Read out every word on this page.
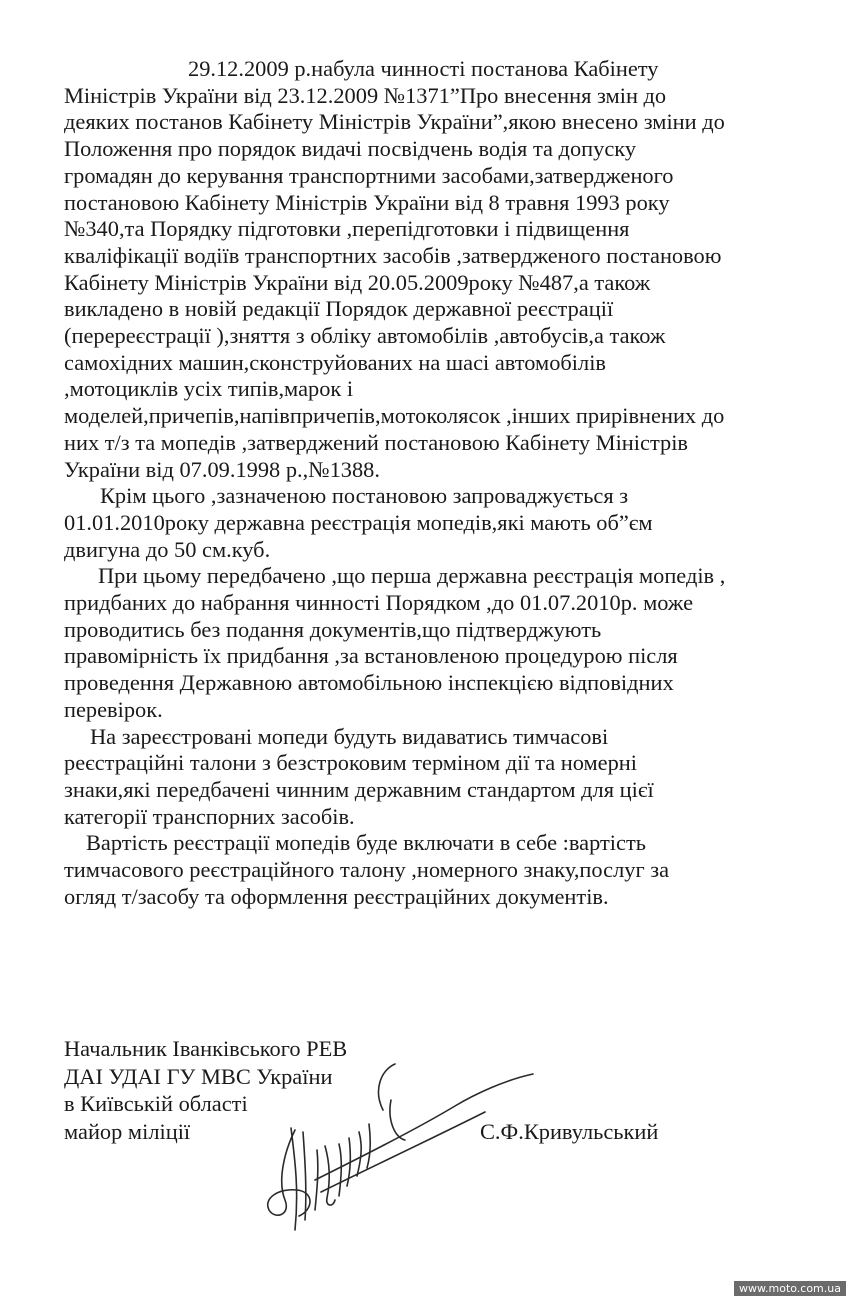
29.12.2009 р.набула чинності постанова Кабінету
Міністрів України від 23.12.2009 №1371”Про внесення змін до
деяких постанов Кабінету Міністрів України”,якою внесено зміни до
Положення про порядок видачі посвідчень водія та допуску
громадян до керування транспортними засобами,затвердженого
постановою Кабінету Міністрів України від 8 травня 1993 року
№340,та Порядку підготовки ,перепідготовки і підвищення
кваліфікації водіїв транспортних засобів ,затвердженого постановою
Кабінету Міністрів України від 20.05.2009року №487,а також
викладено в новій редакції Порядок державної реєстрації
(перереєстрації ),зняття з обліку автомобілів ,автобусів,а також
самохідних машин,сконструйованих на шасі автомобілів
,мотоциклів усіх типів,марок і
моделей,причепів,напівпричепів,мотоколясок ,інших прирівнених до
них т/з та мопедів ,затверджений постановою Кабінету Міністрів
України від 07.09.1998 р.,№1388.
Крім цього ,зазначеною постановою запроваджується з
01.01.2010року державна реєстрація мопедів,які мають об”єм
двигуна до 50 см.куб.
При цьому передбачено ,що перша державна реєстрація мопедів ,
придбаних до набрання чинності Порядком ,до 01.07.2010р. може
проводитись без подання документів,що підтверджують
правомірність їх придбання ,за встановленою процедурою після
проведення Державною автомобільною інспекцією відповідних
перевірок.
На зареєстровані мопеди будуть видаватись тимчасові
реєстраційні талони з безстроковим терміном дії та номерні
знаки,які передбачені чинним державним стандартом для цієї
категорії транспорних засобів.
Вартість реєстрації мопедів буде включати в себе :вартість
тимчасового реєстраційного талону ,номерного знаку,послуг за
огляд т/засобу та оформлення реєстраційних документів.
Начальник Іванківського РЕВ
ДАІ УДАІ ГУ МВС України
в Київській області
майор міліції	С.Ф.Кривульський
www.moto.com.ua
